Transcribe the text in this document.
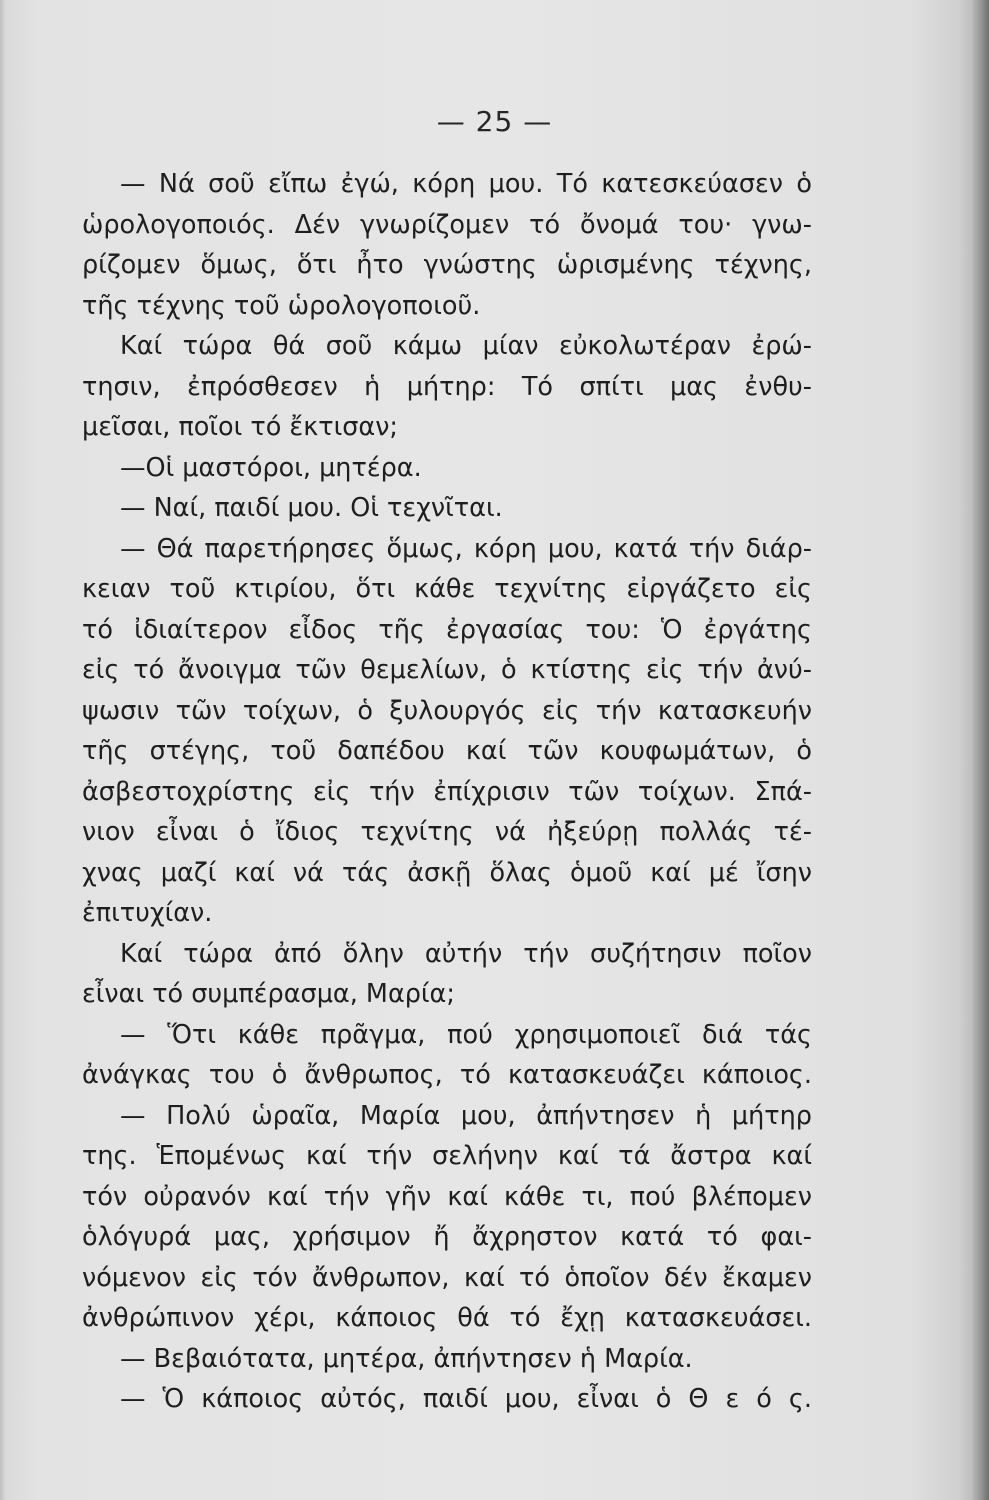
— 25 —
— Νά σοῦ εἴπω ἐγώ, κόρη μου. Τό κατεσκεύασεν ὁ
ὡρολογοποιός. Δέν γνωρίζομεν τό ὄνομά του· γνω-
ρίζομεν ὅμως, ὅτι ἦτο γνώστης ὡρισμένης τέχνης,
τῆς τέχνης τοῦ ὡρολογοποιοῦ.
Καί τώρα θά σοῦ κάμω μίαν εὐκολωτέραν ἐρώ-
τησιν, ἐπρόσθεσεν ἡ μήτηρ: Τό σπίτι μας ἐνθυ-
μεῖσαι, ποῖοι τό ἔκτισαν;
—Οἱ μαστόροι, μητέρα.
— Ναί, παιδί μου. Οἱ τεχνῖται.
— Θά παρετήρησες ὅμως, κόρη μου, κατά τήν διάρ-
κειαν τοῦ κτιρίου, ὅτι κάθε τεχνίτης εἰργάζετο εἰς
τό ἰδιαίτερον εἶδος τῆς ἐργασίας του: Ὁ ἐργάτης
εἰς τό ἄνοιγμα τῶν θεμελίων, ὁ κτίστης εἰς τήν ἀνύ-
ψωσιν τῶν τοίχων, ὁ ξυλουργός εἰς τήν κατασκευήν
τῆς στέγης, τοῦ δαπέδου καί τῶν κουφωμάτων, ὁ
ἀσβεστοχρίστης εἰς τήν ἐπίχρισιν τῶν τοίχων. Σπά-
νιον εἶναι ὁ ἴδιος τεχνίτης νά ἠξεύρῃ πολλάς τέ-
χνας μαζί καί νά τάς ἀσκῇ ὅλας ὁμοῦ καί μέ ἴσην
ἐπιτυχίαν.
Καί τώρα ἀπό ὅλην αὐτήν τήν συζήτησιν ποῖον
εἶναι τό συμπέρασμα, Μαρία;
— Ὅτι κάθε πρᾶγμα, πού χρησιμοποιεῖ διά τάς
ἀνάγκας του ὁ ἄνθρωπος, τό κατασκευάζει κάποιος.
— Πολύ ὡραῖα, Μαρία μου, ἀπήντησεν ἡ μήτηρ
της. Ἑπομένως καί τήν σελήνην καί τά ἄστρα καί
τόν οὐρανόν καί τήν γῆν καί κάθε τι, πού βλέπομεν
ὁλόγυρά μας, χρήσιμον ἤ ἄχρηστον κατά τό φαι-
νόμενον εἰς τόν ἄνθρωπον, καί τό ὁποῖον δέν ἔκαμεν
ἀνθρώπινον χέρι, κάποιος θά τό ἔχῃ κατασκευάσει.
— Βεβαιότατα, μητέρα, ἀπήντησεν ἡ Μαρία.
— Ὁ κάποιος αὐτός, παιδί μου, εἶναι ὁ Θ ε ό ς.
